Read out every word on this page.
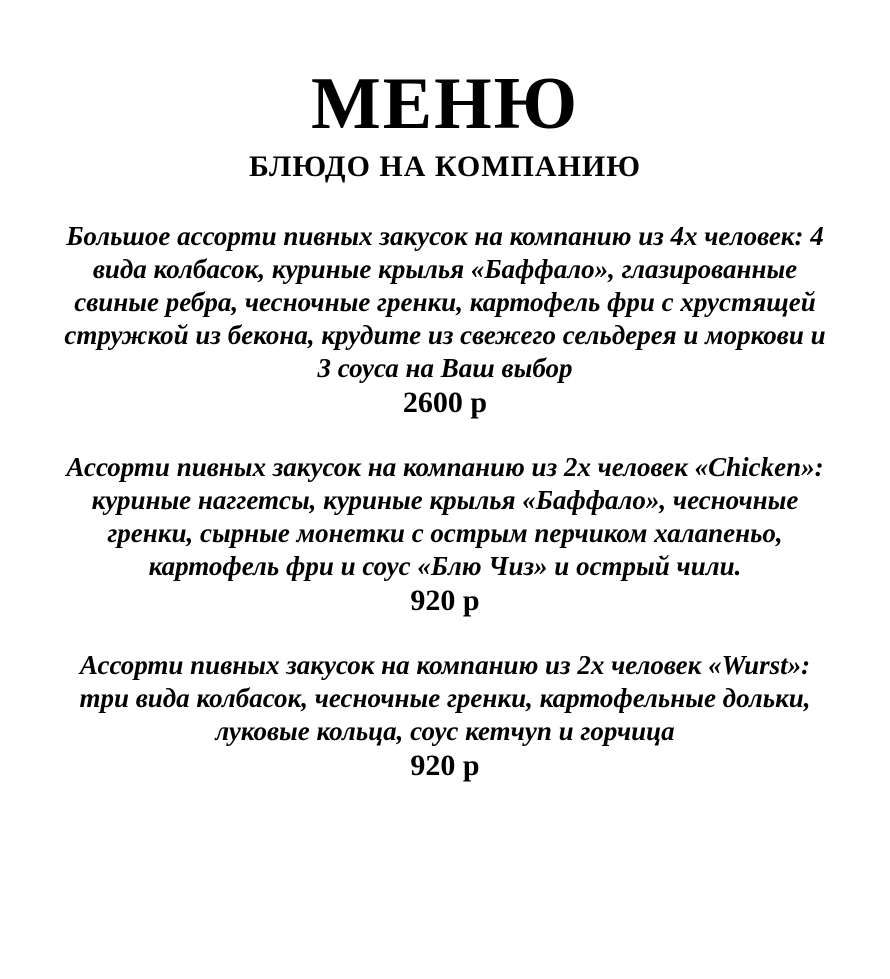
МЕНЮ
БЛЮДО НА КОМПАНИЮ
Большое ассорти пивных закусок на компанию из 4х человек: 4
вида колбасок, куриные крылья «Баффало», глазированные
свиные ребра, чесночные гренки, картофель фри с хрустящей
стружкой из бекона, крудите из свежего сельдерея и моркови и
3 соуса на Ваш выбор

2600 р

Ассорти пивных закусок на компанию из 2х человек «Chicken»:
куриные наггетсы, куриные крылья «Баффало», чесночные
гренки, сырные монетки с острым перчиком халапеньо,
картофель фри и соус «Блю Чиз» и острый чили.

920 р

Ассорти пивных закусок на компанию из 2х человек «Wurst»:
три вида колбасок, чесночные гренки, картофельные дольки,
луковые кольца, соус кетчуп и горчица

920 р
